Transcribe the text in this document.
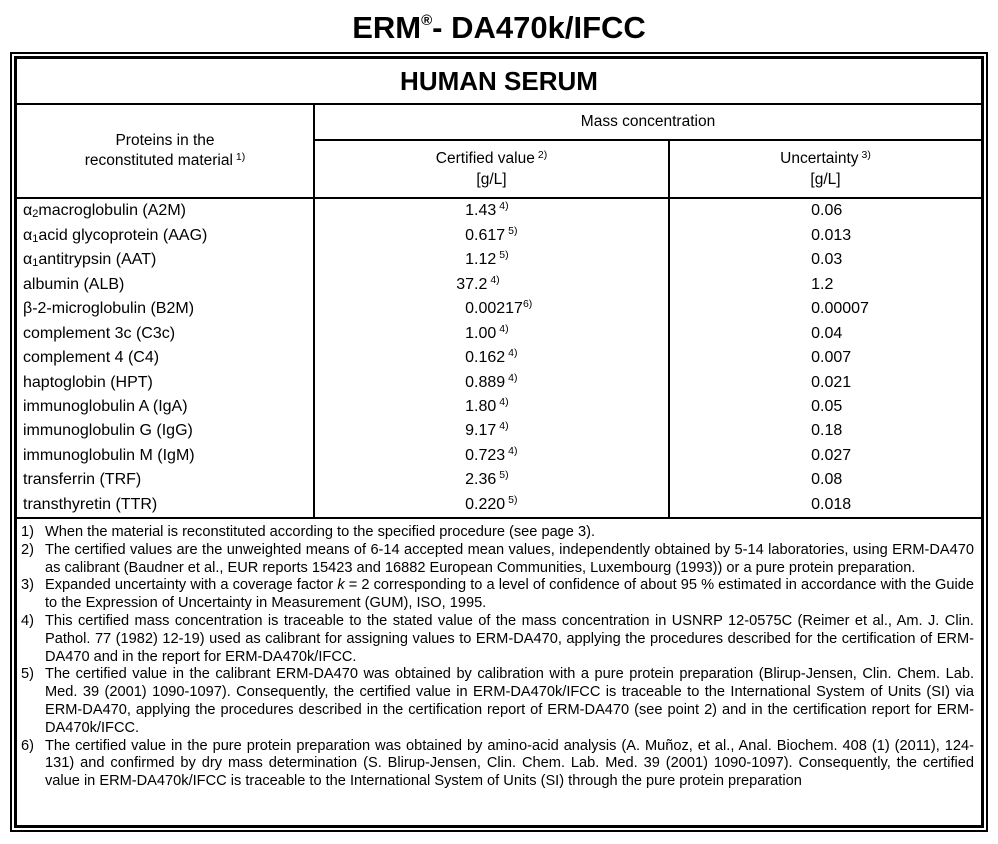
ERM®- DA470k/IFCC
HUMAN SERUM
Proteins in the
reconstituted material $^{1)}$
Mass concentration
Certified value $^{2)}$
[g/L]
Uncertainty $^{3)}$
[g/L]
α 2 macroglobulin (A2M)	1 .43 4)	0 .06
α 1 acid glycoprotein (AAG)	0 .617 5)	0 .013
α 1 antitrypsin (AAT)	1 .12 5)	0 .03
albumin (ALB)	37 .2 4)	1 .2
β-2-microglobulin (B2M)	0 .00217 6)	0 .00007
complement 3c (C3c)	1 .00 4)	0 .04
complement 4 (C4)	0 .162 4)	0 .007
haptoglobin (HPT)	0 .889 4)	0 .021
immunoglobulin A (IgA)	1 .80 4)	0 .05
immunoglobulin G (IgG)	9 .17 4)	0 .18
immunoglobulin M (IgM)	0 .723 4)	0 .027
transferrin (TRF)	2 .36 5)	0 .08
transthyretin (TTR)	0 .220 5)	0 .018
1) When the material is reconstituted according to the specified procedure (see page 3).
2) The certified values are the unweighted means of 6-14 accepted mean values, independently obtained by 5-14 laboratories, using ERM-DA470 as calibrant (Baudner et al., EUR reports 15423 and 16882 European Communities, Luxembourg (1993)) or a pure protein preparation.
3) Expanded uncertainty with a coverage factor k = 2 corresponding to a level of confidence of about 95 % estimated in accordance with the Guide to the Expression of Uncertainty in Measurement (GUM), ISO, 1995.
4) This certified mass concentration is traceable to the stated value of the mass concentration in USNRP 12-0575C (Reimer et al., Am. J. Clin. Pathol. 77 (1982) 12-19) used as calibrant for assigning values to ERM-DA470, applying the procedures described for the certification of ERM-DA470 and in the report for ERM-DA470k/IFCC.
5) The certified value in the calibrant ERM-DA470 was obtained by calibration with a pure protein preparation (Blirup-Jensen, Clin. Chem. Lab. Med. 39 (2001) 1090-1097). Consequently, the certified value in ERM-DA470k/IFCC is traceable to the International System of Units (SI) via ERM-DA470, applying the procedures described in the certification report of ERM-DA470 (see point 2) and in the certification report for ERM-DA470k/IFCC.
6) The certified value in the pure protein preparation was obtained by amino-acid analysis (A. Muñoz, et al., Anal. Biochem. 408 (1) (2011), 124-131) and confirmed by dry mass determination (S. Blirup-Jensen, Clin. Chem. Lab. Med. 39 (2001) 1090-1097). Consequently, the certified value in ERM-DA470k/IFCC is traceable to the International System of Units (SI) through the pure protein preparation
